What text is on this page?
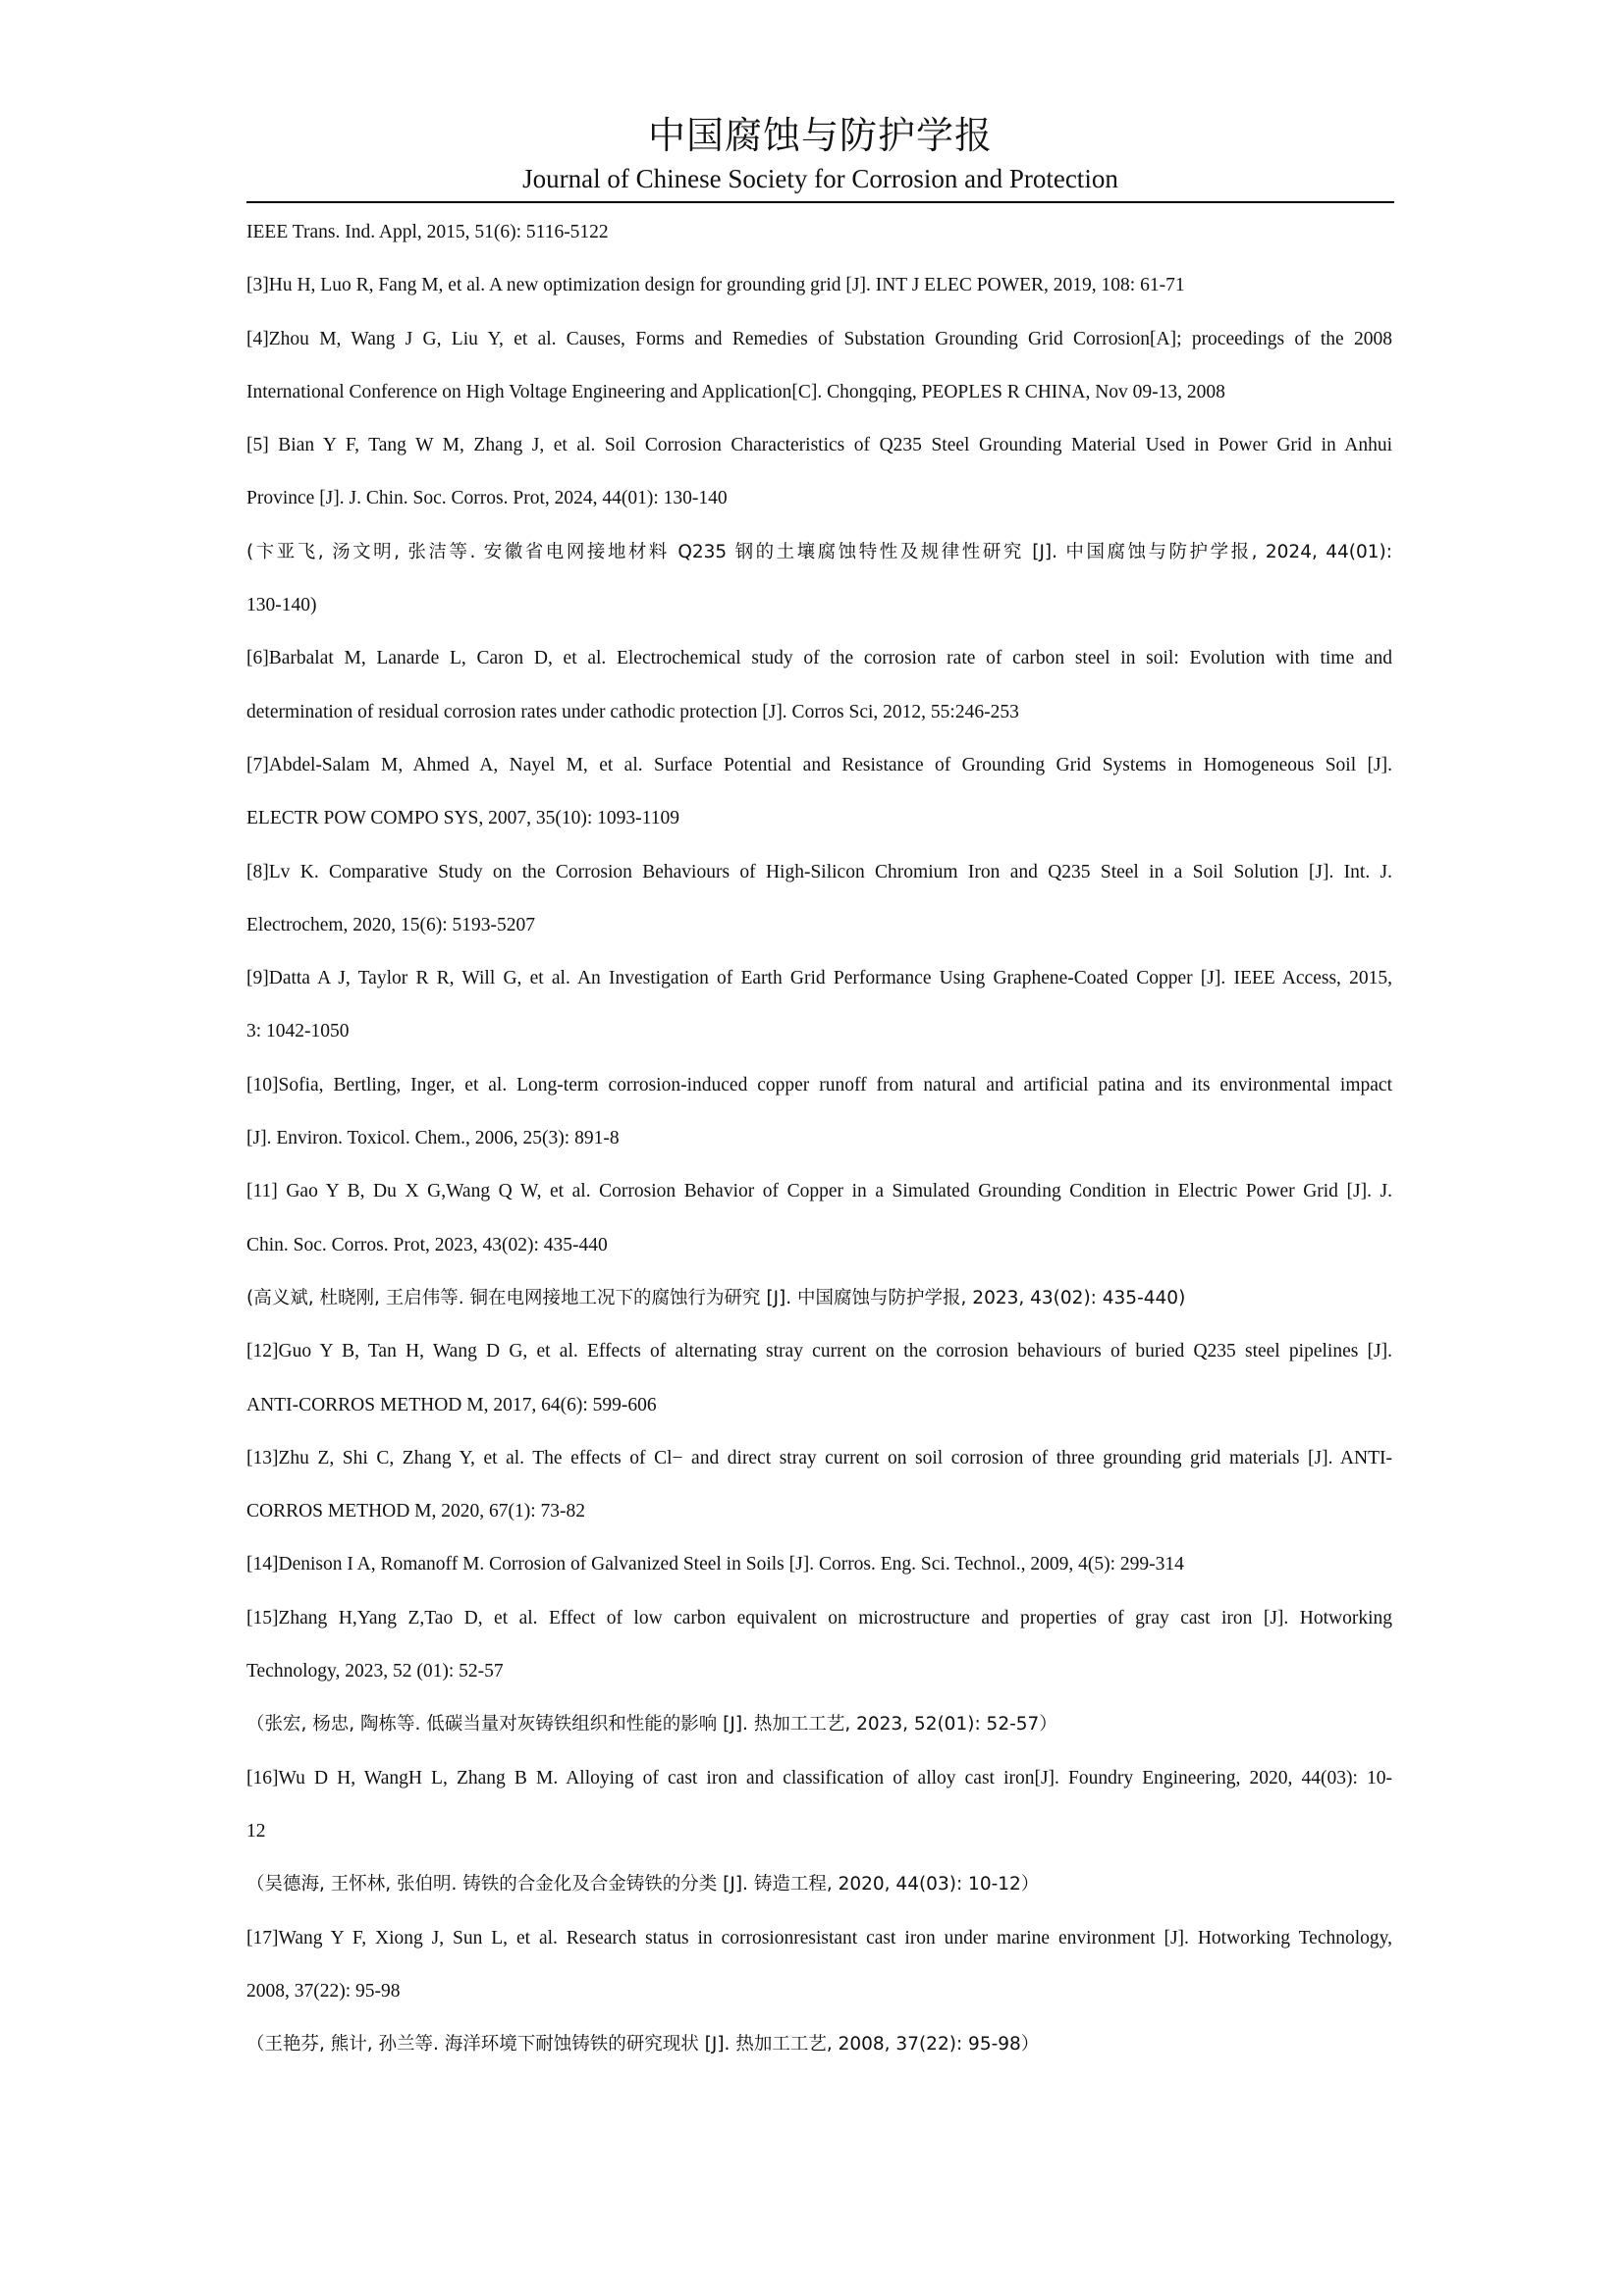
中国腐蚀与防护学报
Journal of Chinese Society for Corrosion and Protection
IEEE Trans. Ind. Appl, 2015, 51(6): 5116-5122
[3]Hu H, Luo R, Fang M, et al. A new optimization design for grounding grid [J]. INT J ELEC POWER, 2019, 108: 61-71
[4]Zhou M, Wang J G, Liu Y, et al. Causes, Forms and Remedies of Substation Grounding Grid Corrosion[A]; proceedings of the 2008
International Conference on High Voltage Engineering and Application[C]. Chongqing, PEOPLES R CHINA, Nov 09-13, 2008
[5] Bian Y F, Tang W M, Zhang J, et al. Soil Corrosion Characteristics of Q235 Steel Grounding Material Used in Power Grid in Anhui
Province [J]. J. Chin. Soc. Corros. Prot, 2024, 44(01): 130-140
(卞亚飞, 汤文明, 张洁等. 安徽省电网接地材料 Q235 钢的土壤腐蚀特性及规律性研究 [J]. 中国腐蚀与防护学报, 2024, 44(01):
130-140)
[6]Barbalat M, Lanarde L, Caron D, et al. Electrochemical study of the corrosion rate of carbon steel in soil: Evolution with time and
determination of residual corrosion rates under cathodic protection [J]. Corros Sci, 2012, 55:246-253
[7]Abdel-Salam M, Ahmed A, Nayel M, et al. Surface Potential and Resistance of Grounding Grid Systems in Homogeneous Soil [J].
ELECTR POW COMPO SYS, 2007, 35(10): 1093-1109
[8]Lv K. Comparative Study on the Corrosion Behaviours of High-Silicon Chromium Iron and Q235 Steel in a Soil Solution [J]. Int. J.
Electrochem, 2020, 15(6): 5193-5207
[9]Datta A J, Taylor R R, Will G, et al. An Investigation of Earth Grid Performance Using Graphene-Coated Copper [J]. IEEE Access, 2015,
3: 1042-1050
[10]Sofia, Bertling, Inger, et al. Long-term corrosion-induced copper runoff from natural and artificial patina and its environmental impact
[J]. Environ. Toxicol. Chem., 2006, 25(3): 891-8
[11] Gao Y B, Du X G,Wang Q W, et al. Corrosion Behavior of Copper in a Simulated Grounding Condition in Electric Power Grid [J]. J.
Chin. Soc. Corros. Prot, 2023, 43(02): 435-440
(高义斌, 杜晓刚, 王启伟等. 铜在电网接地工况下的腐蚀行为研究 [J]. 中国腐蚀与防护学报, 2023, 43(02): 435-440)
[12]Guo Y B, Tan H, Wang D G, et al. Effects of alternating stray current on the corrosion behaviours of buried Q235 steel pipelines [J].
ANTI-CORROS METHOD M, 2017, 64(6): 599-606
[13]Zhu Z, Shi C, Zhang Y, et al. The effects of Cl− and direct stray current on soil corrosion of three grounding grid materials [J]. ANTI-
CORROS METHOD M, 2020, 67(1): 73-82
[14]Denison I A, Romanoff M. Corrosion of Galvanized Steel in Soils [J]. Corros. Eng. Sci. Technol., 2009, 4(5): 299-314
[15]Zhang H,Yang Z,Tao D, et al. Effect of low carbon equivalent on microstructure and properties of gray cast iron [J]. Hotworking
Technology, 2023, 52 (01): 52-57
（张宏, 杨忠, 陶栋等. 低碳当量对灰铸铁组织和性能的影响 [J]. 热加工工艺, 2023, 52(01): 52-57）
[16]Wu D H, WangH L, Zhang B M. Alloying of cast iron and classification of alloy cast iron[J]. Foundry Engineering, 2020, 44(03): 10-
12
（吴德海, 王怀林, 张伯明. 铸铁的合金化及合金铸铁的分类 [J]. 铸造工程, 2020, 44(03): 10-12）
[17]Wang Y F, Xiong J, Sun L, et al. Research status in corrosionresistant cast iron under marine environment [J]. Hotworking Technology,
2008, 37(22): 95-98
（王艳芬, 熊计, 孙兰等. 海洋环境下耐蚀铸铁的研究现状 [J]. 热加工工艺, 2008, 37(22): 95-98）
